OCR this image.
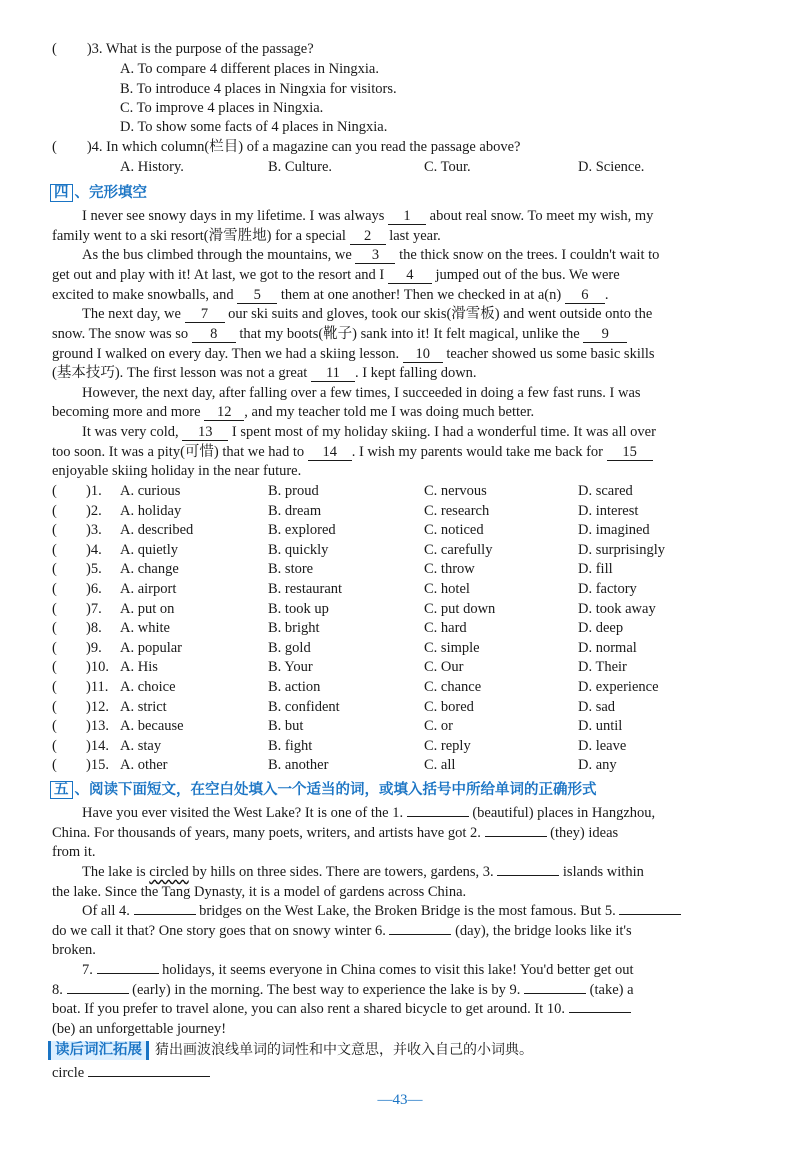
( )3. What is the purpose of the passage?
A. To compare 4 different places in Ningxia.
B. To introduce 4 places in Ningxia for visitors.
C. To improve 4 places in Ningxia.
D. To show some facts of 4 places in Ningxia.
( )4. In which column(栏目) of a magazine can you read the passage above?
A. History.	B. Culture.	C. Tour.	D. Science.
四 、完形填空
I never see snowy days in my lifetime. I was always 1 about real snow. To meet my wish, my
family went to a ski resort(滑雪胜地) for a special 2 last year.
As the bus climbed through the mountains, we 3 the thick snow on the trees. I couldn't wait to
get out and play with it! At last, we got to the resort and I 4 jumped out of the bus. We were
excited to make snowballs, and 5 them at one another! Then we checked in at a(n) 6 .
The next day, we 7 our ski suits and gloves, took our skis(滑雪板) and went outside onto the
snow. The snow was so 8 that my boots(靴子) sank into it! It felt magical, unlike the 9
ground I walked on every day. Then we had a skiing lesson. 10 teacher showed us some basic skills
(基本技巧). The first lesson was not a great 11 . I kept falling down.
However, the next day, after falling over a few times, I succeeded in doing a few fast runs. I was
becoming more and more 12 , and my teacher told me I was doing much better.
It was very cold, 13 I spent most of my holiday skiing. I had a wonderful time. It was all over
too soon. It was a pity(可惜) that we had to 14 . I wish my parents would take me back for 15
enjoyable skiing holiday in the near future.
( )1. A. curious	B. proud	C. nervous	D. scared
( )2. A. holiday	B. dream	C. research	D. interest
( )3. A. described	B. explored	C. noticed	D. imagined
( )4. A. quietly	B. quickly	C. carefully	D. surprisingly
( )5. A. change	B. store	C. throw	D. fill
( )6. A. airport	B. restaurant	C. hotel	D. factory
( )7. A. put on	B. took up	C. put down	D. took away
( )8. A. white	B. bright	C. hard	D. deep
( )9. A. popular	B. gold	C. simple	D. normal
( )10. A. His	B. Your	C. Our	D. Their
( )11. A. choice	B. action	C. chance	D. experience
( )12. A. strict	B. confident	C. bored	D. sad
( )13. A. because	B. but	C. or	D. until
( )14. A. stay	B. fight	C. reply	D. leave
( )15. A. other	B. another	C. all	D. any
五 、阅读下面短文，在空白处填入一个适当的词，或填入括号中所给单词的正确形式
Have you ever visited the West Lake? It is one of the 1.	(beautiful) places in Hangzhou,
China. For thousands of years, many poets, writers, and artists have got 2.	(they) ideas
from it.
The lake is circled by hills on three sides. There are towers, gardens, 3.	islands within
the lake. Since the Tang Dynasty, it is a model of gardens across China.
Of all 4.	bridges on the West Lake, the Broken Bridge is the most famous. But 5.
do we call it that? One story goes that on snowy winter 6.	(day), the bridge looks like it's
broken.
7.	holidays, it seems everyone in China comes to visit this lake! You'd better get out
8.	(early) in the morning. The best way to experience the lake is by 9.	(take) a
boat. If you prefer to travel alone, you can also rent a shared bicycle to get around. It 10.
(be) an unforgettable journey!
读后词汇拓展 猜出画波浪线单词的词性和中文意思，并收入自己的小词典。
circle
—43—
